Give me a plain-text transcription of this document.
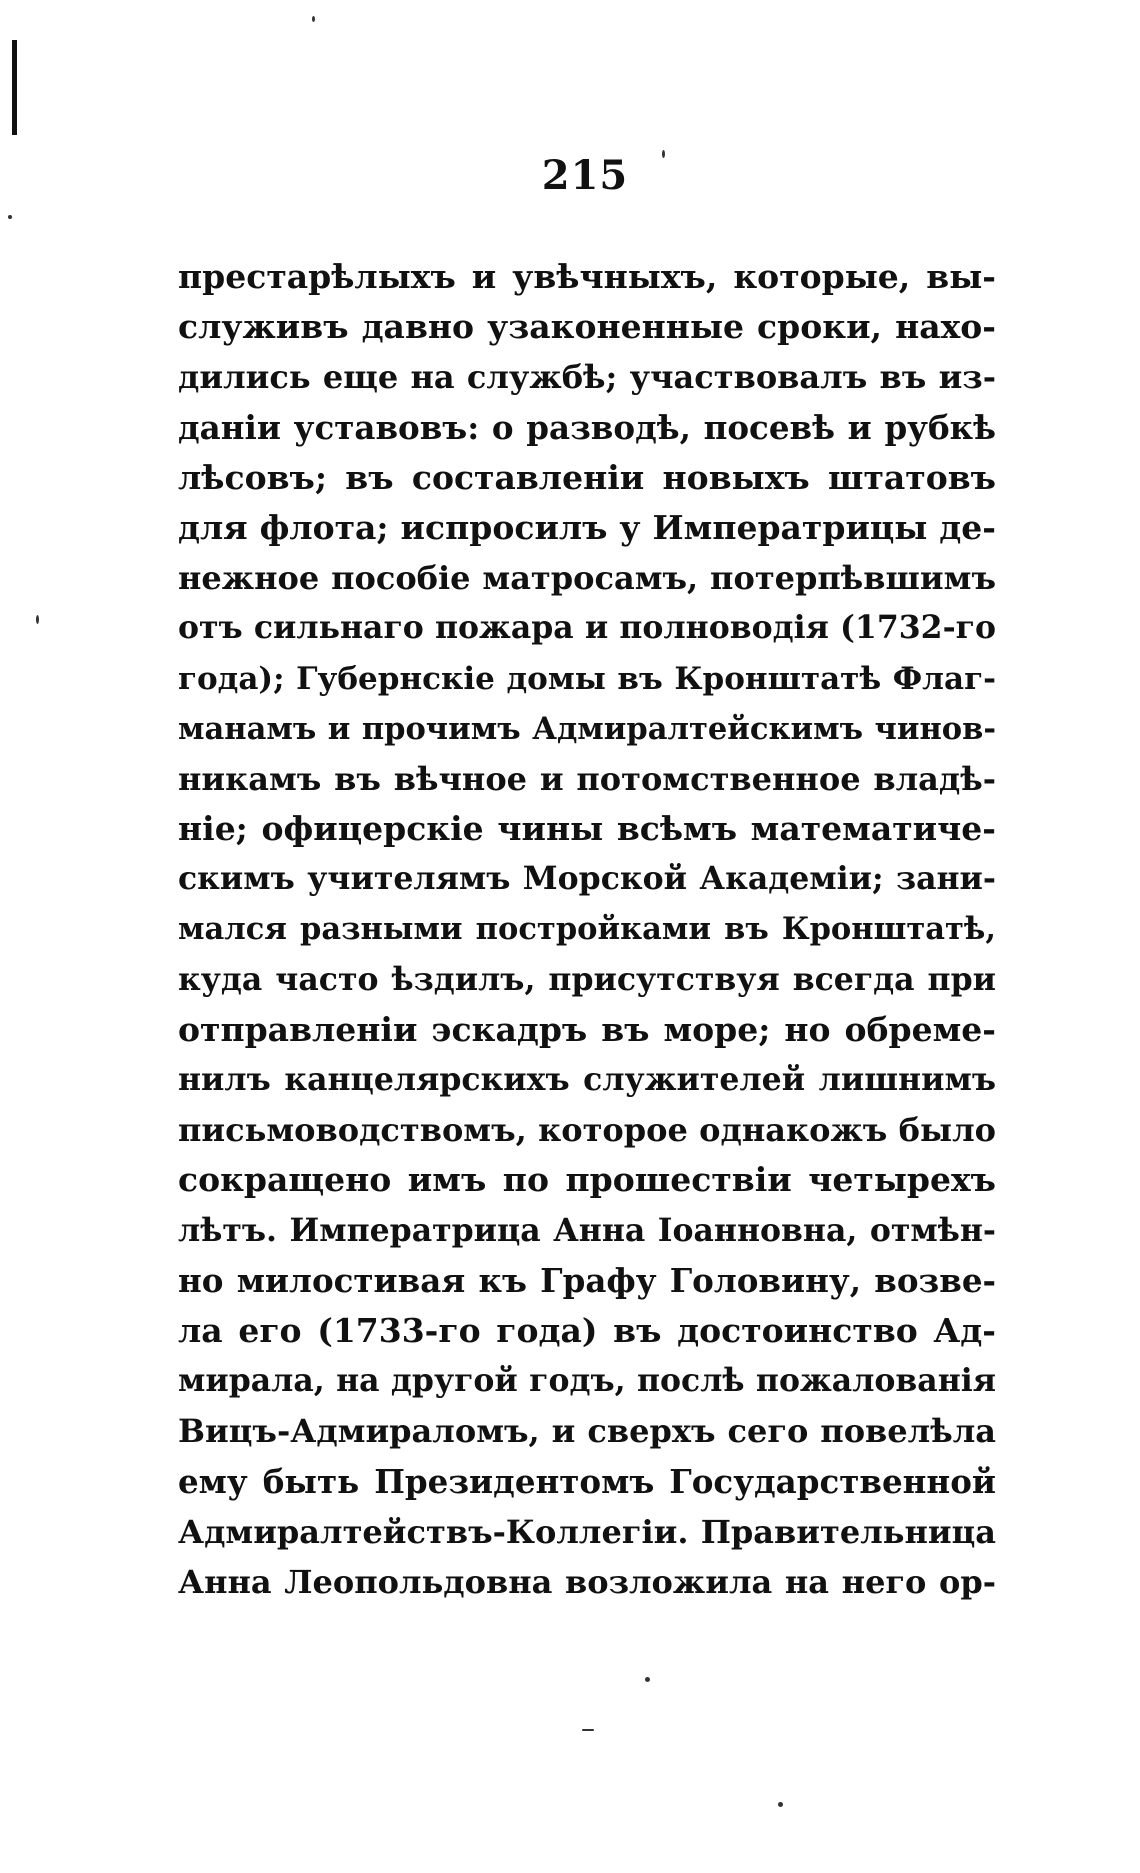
215
престарѣлыхъ и увѣчныхъ, которые, вы-
служивъ давно узаконенные сроки, нахо-
дились еще на службѣ; участвовалъ въ из-
даніи уставовъ: о разводѣ, посевѣ и рубкѣ
лѣсовъ; въ составленіи новыхъ штатовъ
для флота; испросилъ у Императрицы де-
нежное пособіе матросамъ, потерпѣвшимъ
отъ сильнаго пожара и полноводія (1732-го
года); Губернскіе домы въ Кронштатѣ Флаг-
манамъ и прочимъ Адмиралтейскимъ чинов-
никамъ въ вѣчное и потомственное владѣ-
ніе; офицерскіе чины всѣмъ математиче-
скимъ учителямъ Морской Академіи; зани-
мался разными постройками въ Кронштатѣ,
куда часто ѣздилъ, присутствуя всегда при
отправленіи эскадръ въ море; но обреме-
нилъ канцелярскихъ служителей лишнимъ
письмоводствомъ, которое однакожъ было
сокращено имъ по прошествіи четырехъ
лѣтъ. Императрица Анна Іоанновна, отмѣн-
но милостивая къ Графу Головину, возве-
ла его (1733-го года) въ достоинство Ад-
мирала, на другой годъ, послѣ пожалованія
Вицъ-Адмираломъ, и сверхъ сего повелѣла
ему быть Президентомъ Государственной
Адмиралтействъ-Коллегіи. Правительница
Анна Леопольдовна возложила на него ор-
